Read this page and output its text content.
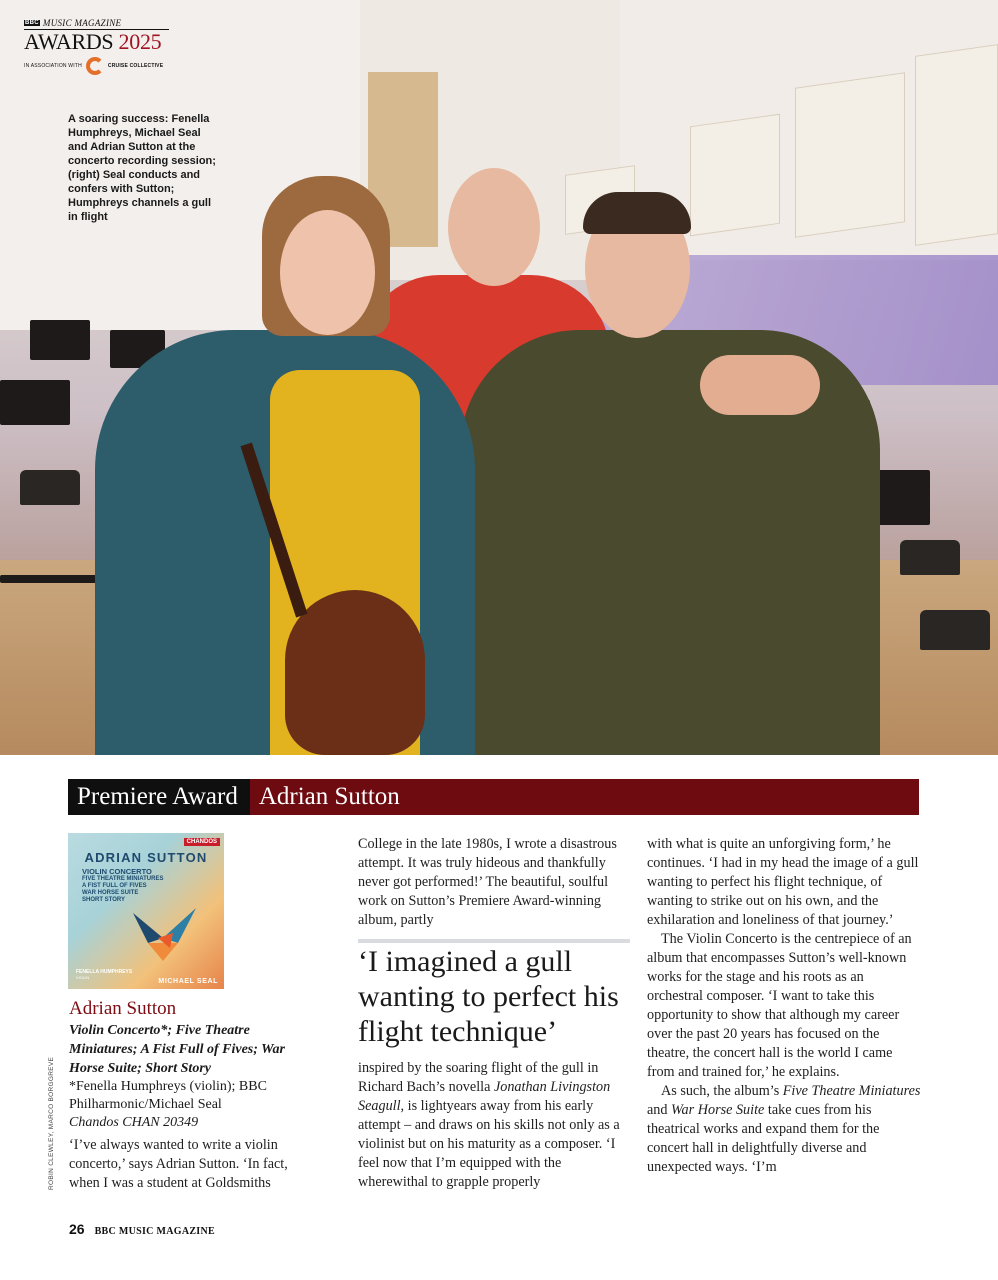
BBC MUSIC MAGAZINE
AWARDS 2025
IN ASSOCIATION WITH	CRUISE COLLECTIVE
A soaring success: Fenella Humphreys, Michael Seal and Adrian Sutton at the concerto recording session; (right) Seal conducts and confers with Sutton; Humphreys channels a gull in flight
Premiere Award Adrian Sutton
CHANDOS
ADRIAN SUTTON
VIOLIN CONCERTO
FIVE THEATRE MINIATURES
A FIST FULL OF FIVES
WAR HORSE SUITE
SHORT STORY
FENELLA HUMPHREYS
VIOLIN
MICHAEL SEAL
Adrian Sutton
Violin Concerto*; Five Theatre Miniatures; A Fist Full of Fives; War Horse Suite; Short Story
*Fenella Humphreys (violin); BBC Philharmonic/Michael Seal
Chandos CHAN 20349

‘I’ve always wanted to write a violin concerto,’ says Adrian Sutton. ‘In fact, when I was a student at Goldsmiths

College in the late 1980s, I wrote a disastrous attempt. It was truly hideous and thankfully never got performed!’ The beautiful, soulful work on Sutton’s Premiere Award-winning album, partly

‘I imagined a gull wanting to perfect his flight technique’

inspired by the soaring flight of the gull in Richard Bach’s novella Jonathan Livingston Seagull, is lightyears away from his early attempt – and draws on his skills not only as a violinist but on his maturity as a composer. ‘I feel now that I’m equipped with the wherewithal to grapple properly

with what is quite an unforgiving form,’ he continues. ‘I had in my head the image of a gull wanting to perfect his flight technique, of wanting to strike out on his own, and the exhilaration and loneliness of that journey.’

The Violin Concerto is the centrepiece of an album that encompasses Sutton’s well-known works for the stage and his roots as an orchestral composer. ‘I want to take this opportunity to show that although my career over the past 20 years has focused on the theatre, the concert hall is the world I came from and trained for,’ he explains.

As such, the album’s Five Theatre Miniatures and War Horse Suite take cues from his theatrical works and expand them for the concert hall in delightfully diverse and unexpected ways. ‘I’m

ROBIN CLEWLEY, MARCO BORGGREVE
26 BBC MUSIC MAGAZINE
